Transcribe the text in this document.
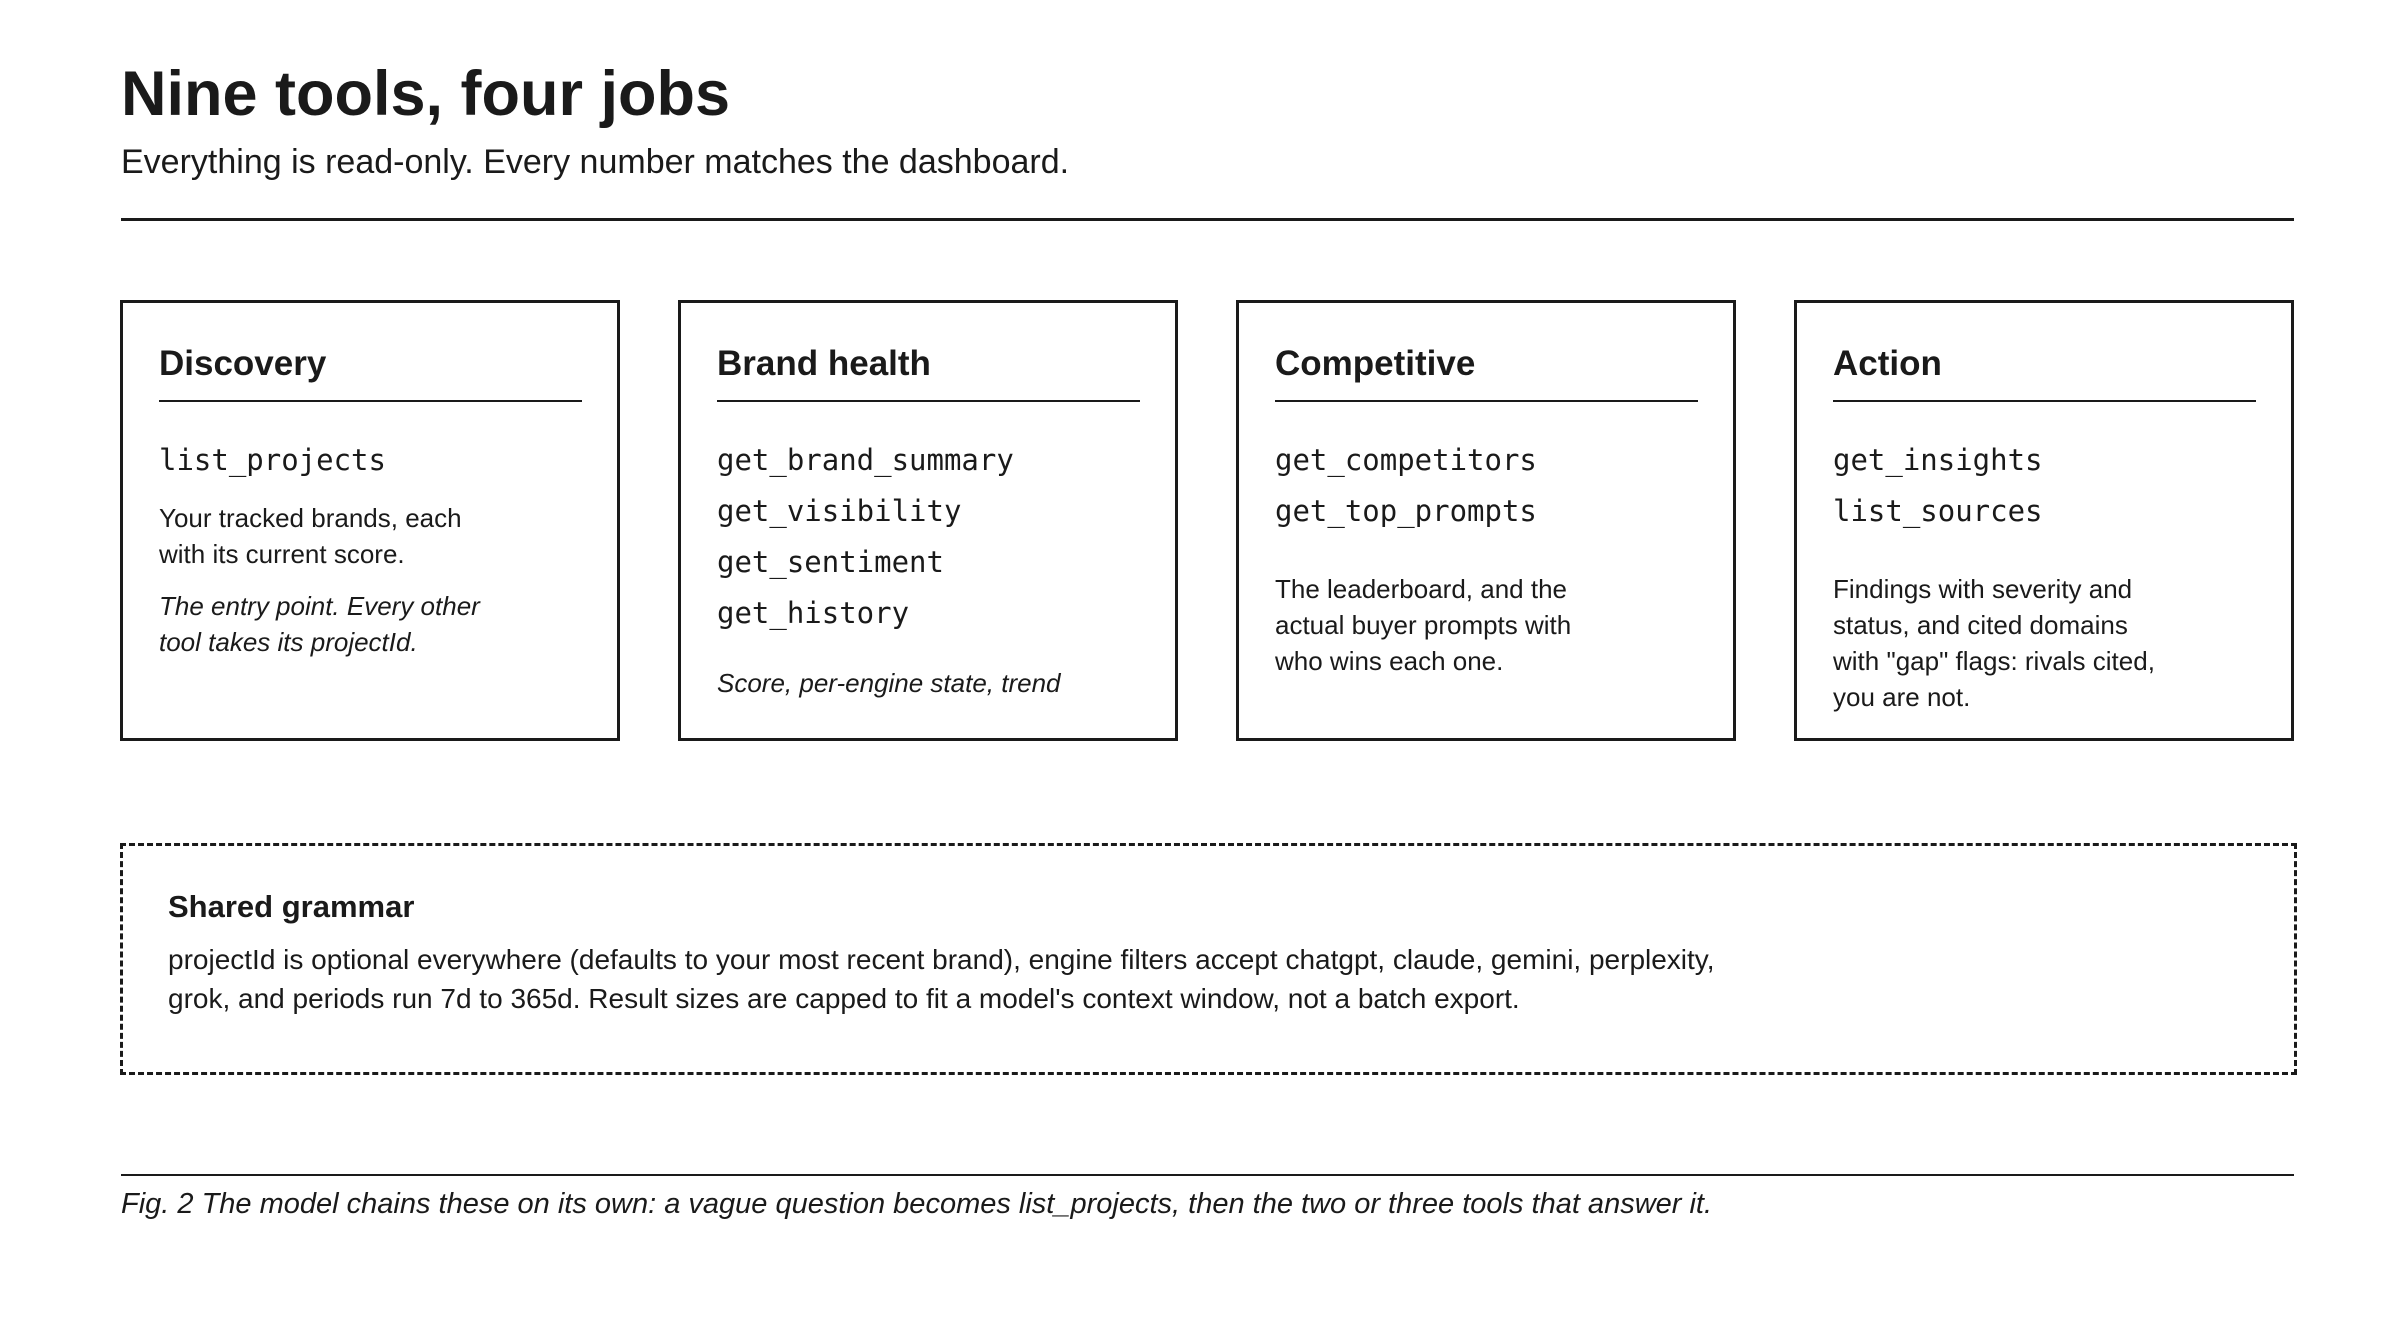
Nine tools, four jobs
Everything is read-only. Every number matches the dashboard.
Discovery
list_projects
Your tracked brands, each with its current score.
The entry point. Every other tool takes its projectId.
Brand health
get_brand_summary
get_visibility
get_sentiment
get_history
Score, per-engine state, trend
Competitive
get_competitors
get_top_prompts
The leaderboard, and the actual buyer prompts with who wins each one.
Action
get_insights
list_sources
Findings with severity and status, and cited domains with "gap" flags: rivals cited, you are not.
Shared grammar
projectId is optional everywhere (defaults to your most recent brand), engine filters accept chatgpt, claude, gemini, perplexity, grok, and periods run 7d to 365d. Result sizes are capped to fit a model's context window, not a batch export.
Fig. 2 The model chains these on its own: a vague question becomes list_projects, then the two or three tools that answer it.
